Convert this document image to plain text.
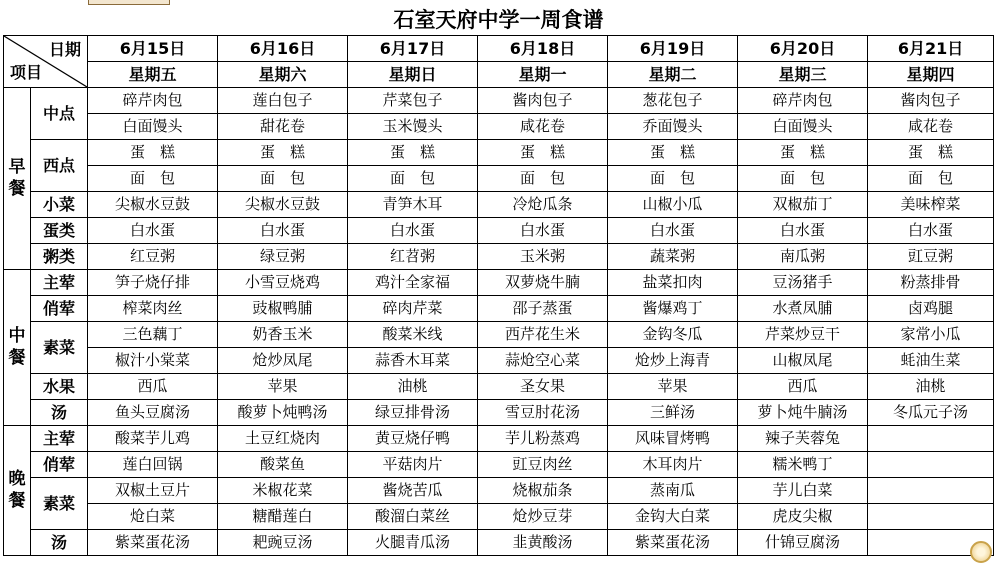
石室天府中学一周食谱								

日期
项目		6月15日	6月16日	6月17日	6月18日	6月19日	6月20日	6月21日
		星期五	星期六	星期日	星期一	星期二	星期三	星期四
早餐	中点	碎芹肉包	莲白包子	芹菜包子	酱肉包子	葱花包子	碎芹肉包	酱肉包子
		白面馒头	甜花卷	玉米馒头	咸花卷	乔面馒头	白面馒头	咸花卷
	西点	蛋　糕	蛋　糕	蛋　糕	蛋　糕	蛋　糕	蛋　糕	蛋　糕
		面　包	面　包	面　包	面　包	面　包	面　包	面　包
	小菜	尖椒水豆鼓	尖椒水豆鼓	青笋木耳	冷炝瓜条	山椒小瓜	双椒茄丁	美味榨菜
	蛋类	白水蛋	白水蛋	白水蛋	白水蛋	白水蛋	白水蛋	白水蛋
	粥类	红豆粥	绿豆粥	红苕粥	玉米粥	蔬菜粥	南瓜粥	豇豆粥
中餐	主荤	笋子烧仔排	小雪豆烧鸡	鸡汁全家福	双萝烧牛腩	盐菜扣肉	豆汤猪手	粉蒸排骨
	俏荤	榨菜肉丝	豉椒鸭脯	碎肉芹菜	邵子蒸蛋	酱爆鸡丁	水煮凤脯	卤鸡腿
	素菜	三色藕丁	奶香玉米	酸菜米线	西芹花生米	金钩冬瓜	芹菜炒豆干	家常小瓜
		椒汁小棠菜	炝炒凤尾	蒜香木耳菜	蒜炝空心菜	炝炒上海青	山椒凤尾	蚝油生菜
	水果	西瓜	苹果	油桃	圣女果	苹果	西瓜	油桃
	汤	鱼头豆腐汤	酸萝卜炖鸭汤	绿豆排骨汤	雪豆肘花汤	三鲜汤	萝卜炖牛腩汤	冬瓜元子汤
晚餐	主荤	酸菜芋儿鸡	土豆红烧肉	黄豆烧仔鸭	芋儿粉蒸鸡	风味冒烤鸭	辣子芙蓉兔	
	俏荤	莲白回锅	酸菜鱼	平菇肉片	豇豆肉丝	木耳肉片	糯米鸭丁	
	素菜	双椒土豆片	米椒花菜	酱烧苦瓜	烧椒茄条	蒸南瓜	芋儿白菜	
		炝白菜	糖醋莲白	酸溜白菜丝	炝炒豆芽	金钩大白菜	虎皮尖椒	
	汤	紫菜蛋花汤	耙豌豆汤	火腿青瓜汤	韭黄酸汤	紫菜蛋花汤	什锦豆腐汤	
